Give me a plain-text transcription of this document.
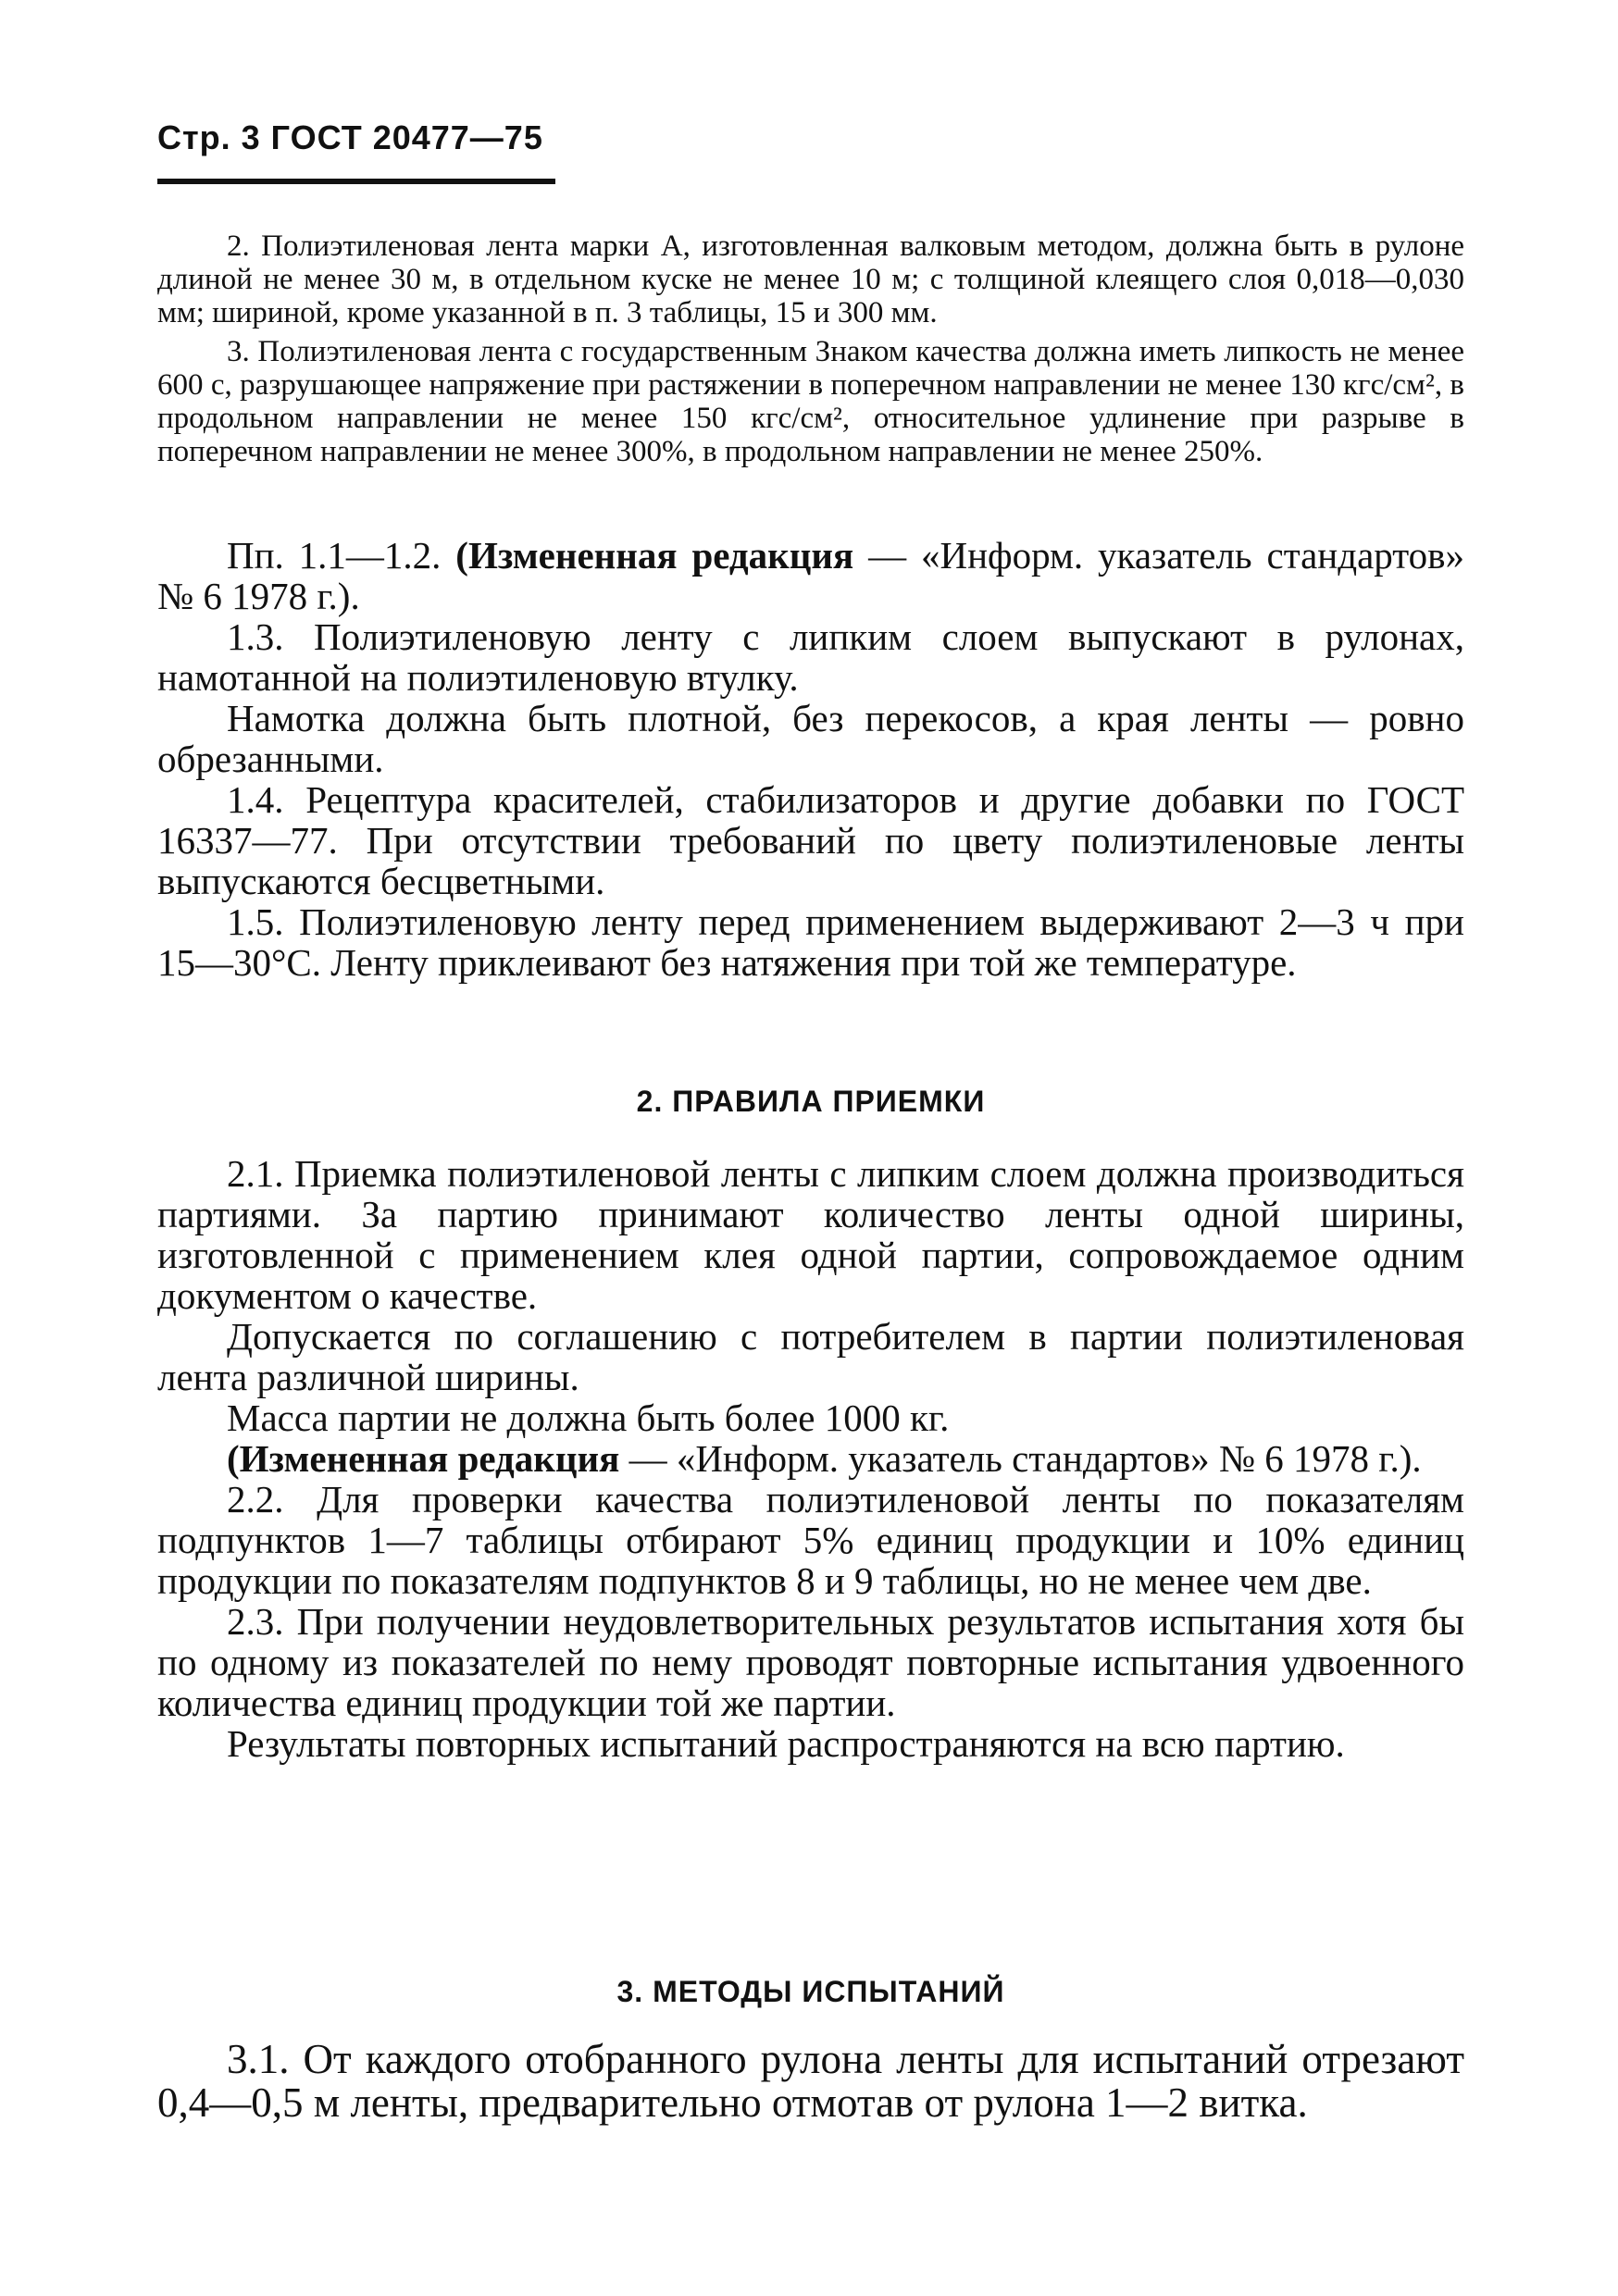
Стр. 3 ГОСТ 20477—75

2. Полиэтиленовая лента марки А, изготовленная валковым методом, должна быть в рулоне длиной не менее 30 м, в отдельном куске не менее 10 м; с толщиной клеящего слоя 0,018—0,030 мм; шириной, кроме указанной в п. 3 таблицы, 15 и 300 мм.

3. Полиэтиленовая лента с государственным Знаком качества должна иметь липкость не менее 600 с, разрушающее напряжение при растяжении в поперечном направлении не менее 130 кгс/см², в продольном направлении не менее 150 кгс/см², относительное удлинение при разрыве в поперечном направлении не менее 300%, в продольном направлении не менее 250%.

Пп. 1.1—1.2. (Измененная редакция — «Информ. указатель стандартов» № 6 1978 г.).

1.3. Полиэтиленовую ленту с липким слоем выпускают в рулонах, намотанной на полиэтиленовую втулку.

Намотка должна быть плотной, без перекосов, а края ленты — ровно обрезанными.

1.4. Рецептура красителей, стабилизаторов и другие добавки по ГОСТ 16337—77. При отсутствии требований по цвету полиэтиленовые ленты выпускаются бесцветными.

1.5. Полиэтиленовую ленту перед применением выдерживают 2—3 ч при 15—30°С. Ленту приклеивают без натяжения при той же температуре.

2. ПРАВИЛА ПРИЕМКИ

2.1. Приемка полиэтиленовой ленты с липким слоем должна производиться партиями. За партию принимают количество ленты одной ширины, изготовленной с применением клея одной партии, сопровождаемое одним документом о качестве.

Допускается по соглашению с потребителем в партии полиэтиленовая лента различной ширины.

Масса партии не должна быть более 1000 кг.

(Измененная редакция — «Информ. указатель стандартов» № 6 1978 г.).

2.2. Для проверки качества полиэтиленовой ленты по показателям подпунктов 1—7 таблицы отбирают 5% единиц продукции и 10% единиц продукции по показателям подпунктов 8 и 9 таблицы, но не менее чем две.

2.3. При получении неудовлетворительных результатов испытания хотя бы по одному из показателей по нему проводят повторные испытания удвоенного количества единиц продукции той же партии.

Результаты повторных испытаний распространяются на всю партию.

3. МЕТОДЫ ИСПЫТАНИЙ

3.1. От каждого отобранного рулона ленты для испытаний отрезают 0,4—0,5 м ленты, предварительно отмотав от рулона 1—2 витка.
